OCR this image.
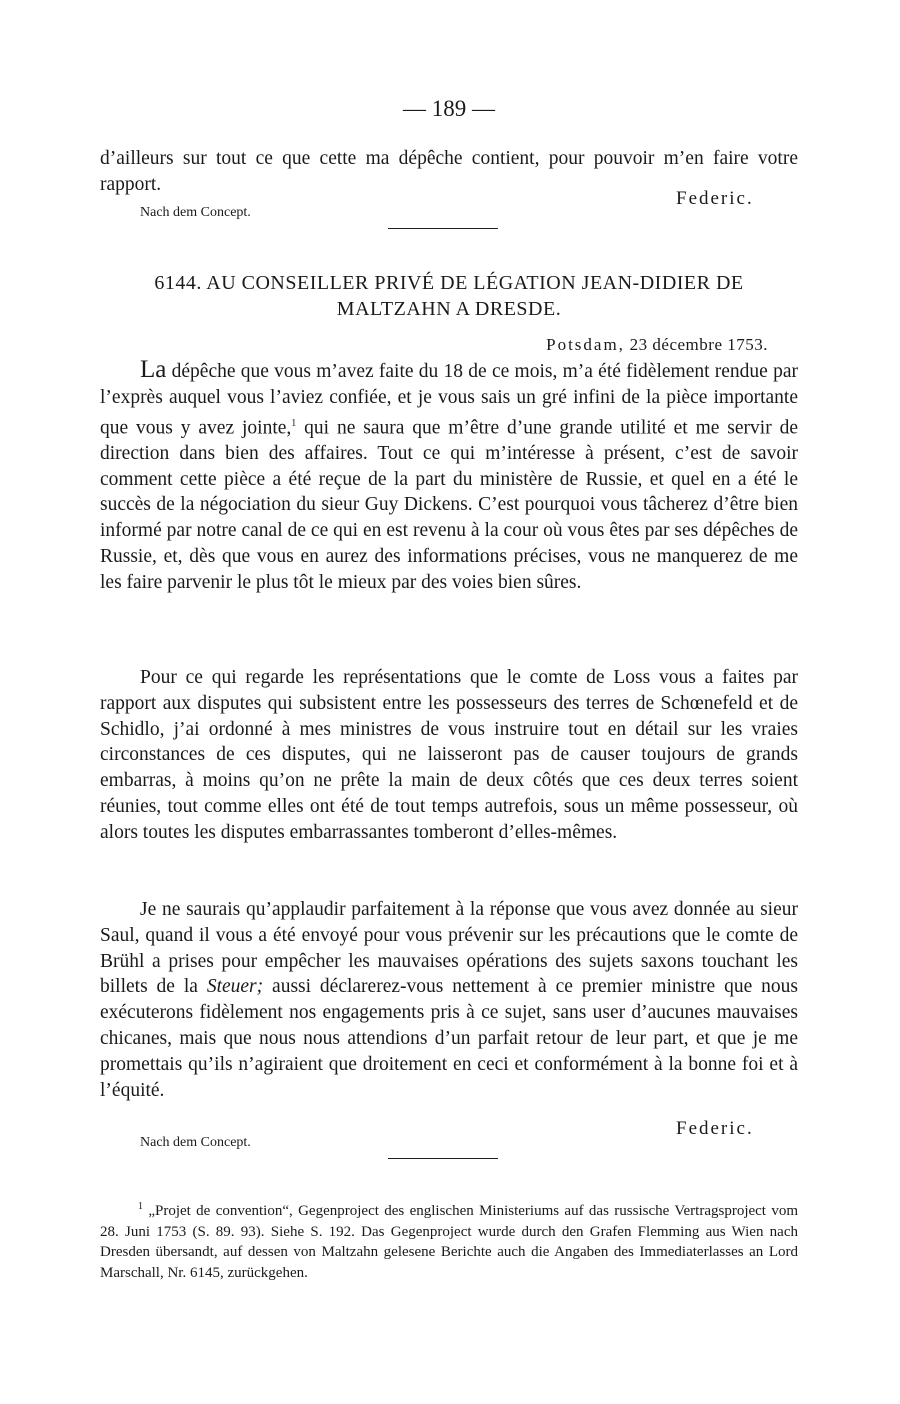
— 189 —

d’ailleurs sur tout ce que cette ma dépêche contient, pour pouvoir m’en faire votre rapport.

Federic.
Nach dem Concept.
6144. AU CONSEILLER PRIVÉ DE LÉGATION JEAN-DIDIER DE MALTZAHN A DRESDE.
Potsdam, 23 décembre 1753.

La dépêche que vous m’avez faite du 18 de ce mois, m’a été fidèlement rendue par l’exprès auquel vous l’aviez confiée, et je vous sais un gré infini de la pièce importante que vous y avez jointe,$^1$ qui ne saura que m’être d’une grande utilité et me servir de direction dans bien des affaires. Tout ce qui m’intéresse à présent, c’est de savoir comment cette pièce a été reçue de la part du ministère de Russie, et quel en a été le succès de la négociation du sieur Guy Dickens. C’est pourquoi vous tâcherez d’être bien informé par notre canal de ce qui en est revenu à la cour où vous êtes par ses dépêches de Russie, et, dès que vous en aurez des informations précises, vous ne manquerez de me les faire parvenir le plus tôt le mieux par des voies bien sûres.

Pour ce qui regarde les représentations que le comte de Loss vous a faites par rapport aux disputes qui subsistent entre les possesseurs des terres de Schœnefeld et de Schidlo, j’ai ordonné à mes ministres de vous instruire tout en détail sur les vraies circonstances de ces disputes, qui ne laisseront pas de causer toujours de grands embarras, à moins qu’on ne prête la main de deux côtés que ces deux terres soient réunies, tout comme elles ont été de tout temps autrefois, sous un même possesseur, où alors toutes les disputes embarrassantes tomberont d’elles-mêmes.

Je ne saurais qu’applaudir parfaitement à la réponse que vous avez donnée au sieur Saul, quand il vous a été envoyé pour vous prévenir sur les précautions que le comte de Brühl a prises pour empêcher les mauvaises opérations des sujets saxons touchant les billets de la Steuer; aussi déclarerez-vous nettement à ce premier ministre que nous exécuterons fidèlement nos engagements pris à ce sujet, sans user d’aucunes mauvaises chicanes, mais que nous nous attendions d’un parfait retour de leur part, et que je me promettais qu’ils n’agiraient que droitement en ceci et conformément à la bonne foi et à l’équité.

Federic.
Nach dem Concept.

$^1$ „Projet de convention“, Gegenproject des englischen Ministeriums auf das russische Vertragsproject vom 28. Juni 1753 (S. 89. 93). Siehe S. 192. Das Gegenproject wurde durch den Grafen Flemming aus Wien nach Dresden übersandt, auf dessen von Maltzahn gelesene Berichte auch die Angaben des Immediaterlasses an Lord Marschall, Nr. 6145, zurückgehen.
